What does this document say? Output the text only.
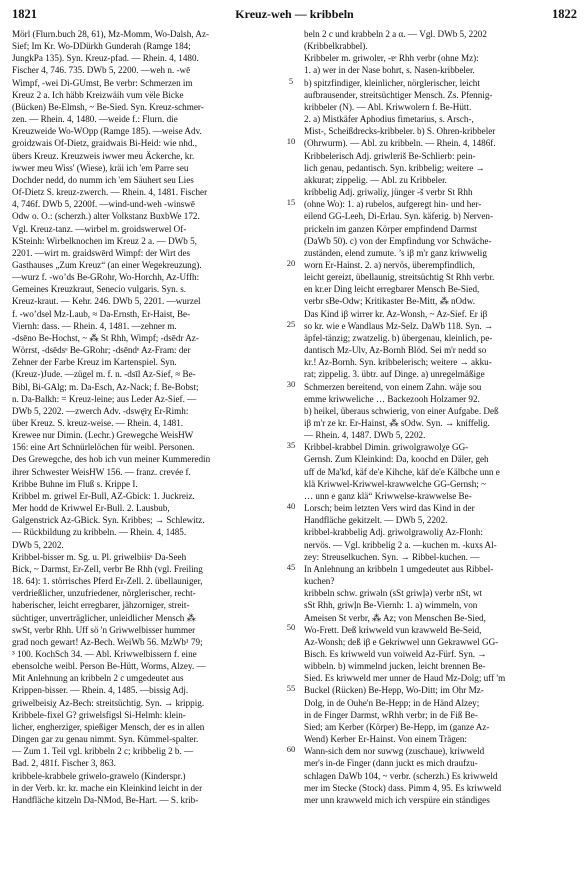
1821	Kreuz-weh — kribbeln	1822
Mörl (Flurn.buch 28, 61), Mz-Momm, Wo-Dalsh, Az-
Sief; Im Kr. Wo-DDürkh Gunderah (Ramge 184;
JungkPa 135). Syn. Kreuz-pfad. — Rhein. 4, 1480.
Fischer 4, 746. 735. DWb 5, 2200. —weh n. -wē
Wimpf, -wei Di-GUmst, Be verbr: Schmerzen im
Kreuz 2 a. Ich häbb Kreizwäih vum vële Bicke
(Bücken) Be-Elmsh, ~ Be-Sied. Syn. Kreuz-schmer-
zen. — Rhein. 4, 1480. —weide f.: Flurn. die
Kreuzweide Wo-WOpp (Ramge 185). —weise Adv.
groidzwais Of-Dietz, graidwais Bi-Heid: wie nhd.,
übers Kreuz. Kreuzweis iwwer meu Äckerche, kr.
iwwer meu Wiss' (Wiese), kräi ich 'em Parre seu
Dochder nedd, do numm ich 'em Säuhert seu Lies
Of-Dietz S. kreuz-zwerch. — Rhein. 4, 1481. Fischer
4, 746f. DWb 5, 2200f. —wind-und-weh -winswē
Odw o. O.: (scherzh.) alter Volkstanz BuxbWe 172.
Vgl. Kreuz-tanz. —wirbel m. groidswerwel Of-
KSteinh: Wirbelknochen im Kreuz 2 a. — DWb 5,
2201. —wirt m. graidswērd Wimpf: der Wirt des
Gasthauses „Zum Kreuz“ (an einer Wegekreuzung).
—wurz f. -wo’ds Be-GRohr, Wo-Horchh, Az-Uffh:
Gemeines Kreuzkraut, Senecio vulgaris. Syn. s.
Kreuz-kraut. — Kehr. 246. DWb 5, 2201. —wurzel
f. -wo’dsel Mz-Laub, ≈ Da-Ernsth, Er-Haist, Be-
Viernh: dass. — Rhein. 4, 1481. —zehner m.
-dsēno Be-Hochst, ~ ⁂ St Rhh, Wimpf; -dsēdr Az-
Wörrst, -dsēdsᵉ Be-GRohr; -dsēndᵉ Az-Fram: der
Zehner der Farbe Kreuz im Kartenspiel. Syn.
(Kreuz-)Jude. —zügel m. f. n. -dsīl Az-Sief, ≈ Be-
Bibl, Bi-GAlg; m. Da-Esch, Az-Nack; f. Be-Bobst;
n. Da-Balkh: = Kreuz-leine; aus Leder Az-Sief. —
DWb 5, 2202. —zwerch Adv. -dswę̄rχ Er-Rimh:
über Kreuz. S. kreuz-weise. — Rhein. 4, 1481.
Krewee nur Dimin. (Lechr.) Grewegche WeisHW
156: eine Art Schnürlelöchen für weibl. Personen.
Des Grewegche, des hob ich vun meiner Kummeredin
ihrer Schwester WeisHW 156. — franz. crevée f.
Kribbe Buhne im Fluß s. Krippe I.
Kribbel m. griwel Er-Bull, AZ-Gbick: 1. Juckreiz.
Mer hodd de Kriwwel Er-Bull. 2. Lausbub,
Galgenstrick Az-GBick. Syn. Kribbes; → Schlewitz.
— Rückbildung zu kribbeln. — Rhein. 4, 1485.
DWb 5, 2202.
Kribbel-bisser m. Sg. u. Pl. griwelbiisᵉ Da-Seeh
Bick, ~ Darmst, Er-Zell, verbr Be Rhh (vgl. Freiling
18. 64): 1. störrisches Pferd Er-Zell. 2. übellauniger,
verdrießlicher, unzufriedener, nörglerischer, recht-
haberischer, leicht erregbarer, jähzorniger, streit-
süchtiger, unverträglicher, unleidlicher Mensch ⁂
swSt, verbr Rhh. Uff sö 'n Griwwelbisser hummer
grad noch gewart! Az-Bech. WeiWb 56. MzWb¹ 79;
³ 100. KochSch 34. — Abl. Kriwwelbissern f. eine
ebensolche weibl. Person Be-Hütt, Worms, Alzey. —
Mit Anlehnung an kribbeln 2 c umgedeutet aus
Krippen-bisser. — Rhein. 4, 1485. —bissig Adj.
griwelbeisiχ Az-Bech: streitsüchtig. Syn. → krippig.
Kribbele-fixel G? griwelsfigsl Si-Helmh: klein-
licher, engherziger, spießiger Mensch, der es in allen
Dingen gar zu genau nimmt. Syn. Kümmel-spalter.
— Zum 1. Teil vgl. kribbeln 2 c; kribbelig 2 b. —
Bad. 2, 481f. Fischer 3, 863.
kribbele-krabbele griwelo-grawelo (Kinderspr.)
in der Verb. kr. kr. mache ein Kleinkind leicht in der
Handfläche kitzeln Da-NMod, Be-Hart. — S. krib-
5
10
15
20
25
30
35
40
45
50
55
60
beln 2 c und krabbeln 2 a α. — Vgl. DWb 5, 2202
(Kribbelkrabbel).
Kribbeler m. griwolɐr, -ɐᶦ Rhh verbr (ohne Mz):
1. a) wer in der Nase bohrt, s. Nasen-kribbeler.
b) spitzfindiger, kleinlicher, nörglerischer, leicht
aufbrausender, streitsüchtiger Mensch. Zs. Pfennig-
kribbeler (N). — Abl. Kriwwolern f. Be-Hütt.
2. a) Mistkäfer Aphodius fimetarius, s. Arsch-,
Mist-, Scheißdrecks-kribbeler. b) S. Ohren-kribbeler
(Ohrwurm). — Abl. zu kribbeln. — Rhein. 4, 1486f.
Kribbelerisch Adj. griwlɐriš Be-Schlierb: pein-
lich genau, pedantisch. Syn. kribbelig; weitere →
akkurat; zippelig. — Abl. zu Kribbeler.
kribbelig Adj. griwəliχ, jünger -š verbr St Rhh
(ohne Wo): 1. a) rubelos, aufgeregt hin- und her-
eilend GG-Leeh, Di-Erlau. Syn. käferig. b) Nerven-
prickeln im ganzen Körper empfindend Darmst
(DaWb 50). c) von der Empfindung vor Schwäche-
zuständen, elend zumute. ’s iβ m'r ganz kriwwelig
worn Er-Hainst. 2. a) nervös, überempfindlich,
leicht gereizt, übellaunig, streitsüchtig St Rhh verbr.
en kr.er Ding leicht erregbarer Mensch Be-Sied,
verbr sBe-Odw; Kritikaster Be-Mitt, ⁂ nOdw.
Das Kind iβ wirrer kr. Az-Wonsh, ~ Az-Sief. Er iβ
so kr. wie e Wandlaus Mz-Selz. DaWb 118. Syn. →
äpfel-tänzig; zwatzelig. b) übergenau, kleinlich, pe-
dantisch Mz-Ulv, Az-Bornh Blöd. Sei m'r nedd so
kr.! Az-Bornh. Syn. kribbelerisch; weitere → akku-
rat; zippelig. 3. übtr. auf Dinge. a) unregelmäßige
Schmerzen bereitend, von einem Zahn. wäje sou
emme kriwweliche … Backezooh Holzamer 92.
b) heikel, überaus schwierig, von einer Aufgabe. Deß
iβ m'r ze kr. Er-Hainst, ⁂ sOdw. Syn. → kniffelig.
— Rhein. 4, 1487. DWb 5, 2202.
Kribbel-krabbel Dimin. griwolgrawolχe GG-
Gernsh. Zum Kleinkind: Da, koochd en Däler, geh
uff de Ma'kd, käf de'e Kihche, käf de'e Kälbche unn e
klä Kriwwel-Kriwwel-krawwelche GG-Gernsh; ~
… unn e ganz klä“ Kriwwelse-krawwelse Be-
Lorsch; beim letzten Vers wird das Kind in der
Handfläche gekitzelt. — DWb 5, 2202.
kribbel-krabbelig Adj. griwolgrawoliχ Az-Flonh:
nervös. — Vgl. kribbelig 2 a. —kuchen m. -kuxs Al-
zey: Streuselkuchen. Syn. → Ribbel-kuchen. —
In Anlehnung an kribbeln 1 umgedeutet aus Ribbel-
kuchen?
kribbeln schw. griwəln (sSt griwļə) verbr nSt, wt
sSt Rhh, griwļn Be-Viernh: 1. a) wimmeln, von
Ameisen St verbr, ⁂ Az; von Menschen Be-Sied,
Wo-Frett. Deß kriwweld vun krawweld Be-Seid,
Az-Wonsh; deß iβ e Gekriwwel unn Gekrawwel GG-
Bisch. Es kriwweld vun voiweld Az-Fürf. Syn. →
wibbeln. b) wimmelnd jucken, leicht brennen Be-
Sied. Es kriwweld mer unner de Haud Mz-Dolg; uff 'm
Buckel (Rücken) Be-Hepp, Wo-Ditt; im Ohr Mz-
Dolg, in de Ouhe'n Be-Hepp; in de Händ Alzey;
in de Finger Darmst, wRhh verbr; in de Fiß Be-
Sied; am Kerber (Körper) Be-Hepp, im (ganze Az-
Wend) Kerber Er-Hainst. Von einem Trägen:
Wann-sich dem nor suwwg (zuschaue), kriwweld
mer's in-de Finger (dann juckt es mich draufzu-
schlagen DaWb 104, ~ verbr. (scherzh.) Es kriwweld
mer im Stecke (Stock) dass. Pimm 4, 95. Es kriwweld
mer unn krawweld mich ich verspüre ein ständiges
